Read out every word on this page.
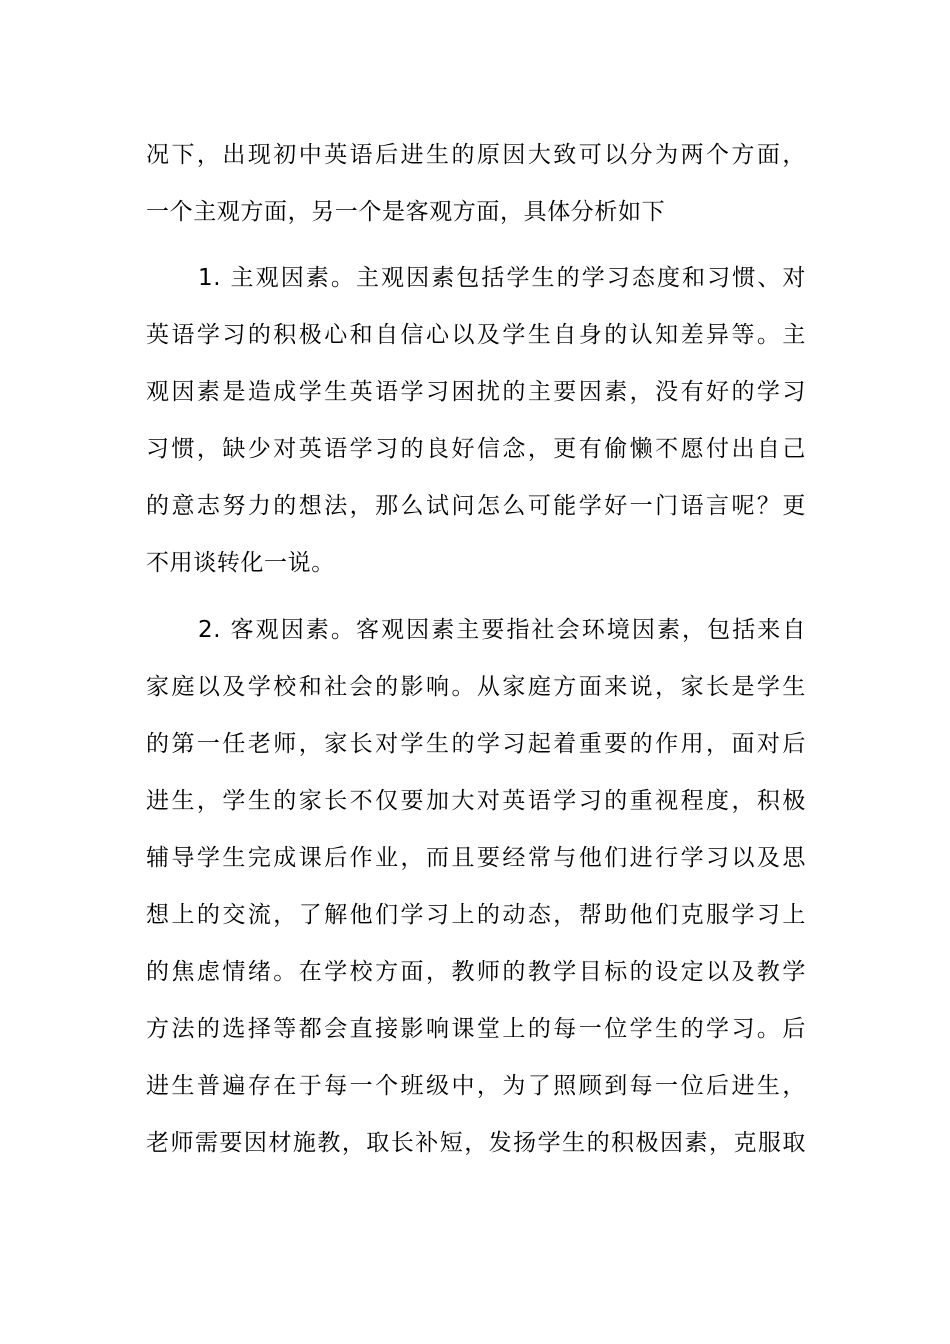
况下，出现初中英语后进生的原因大致可以分为两个方面，
一个主观方面，另一个是客观方面，具体分析如下
1. 主观因素。主观因素包括学生的学习态度和习惯、对
英语学习的积极心和自信心以及学生自身的认知差异等。主
观因素是造成学生英语学习困扰的主要因素，没有好的学习
习惯，缺少对英语学习的良好信念，更有偷懒不愿付出自己
的意志努力的想法，那么试问怎么可能学好一门语言呢？更
不用谈转化一说。
2. 客观因素。客观因素主要指社会环境因素，包括来自
家庭以及学校和社会的影响。从家庭方面来说，家长是学生
的第一任老师，家长对学生的学习起着重要的作用，面对后
进生，学生的家长不仅要加大对英语学习的重视程度，积极
辅导学生完成课后作业，而且要经常与他们进行学习以及思
想上的交流，了解他们学习上的动态，帮助他们克服学习上
的焦虑情绪。在学校方面，教师的教学目标的设定以及教学
方法的选择等都会直接影响课堂上的每一位学生的学习。后
进生普遍存在于每一个班级中，为了照顾到每一位后进生，
老师需要因材施教，取长补短，发扬学生的积极因素，克服取
